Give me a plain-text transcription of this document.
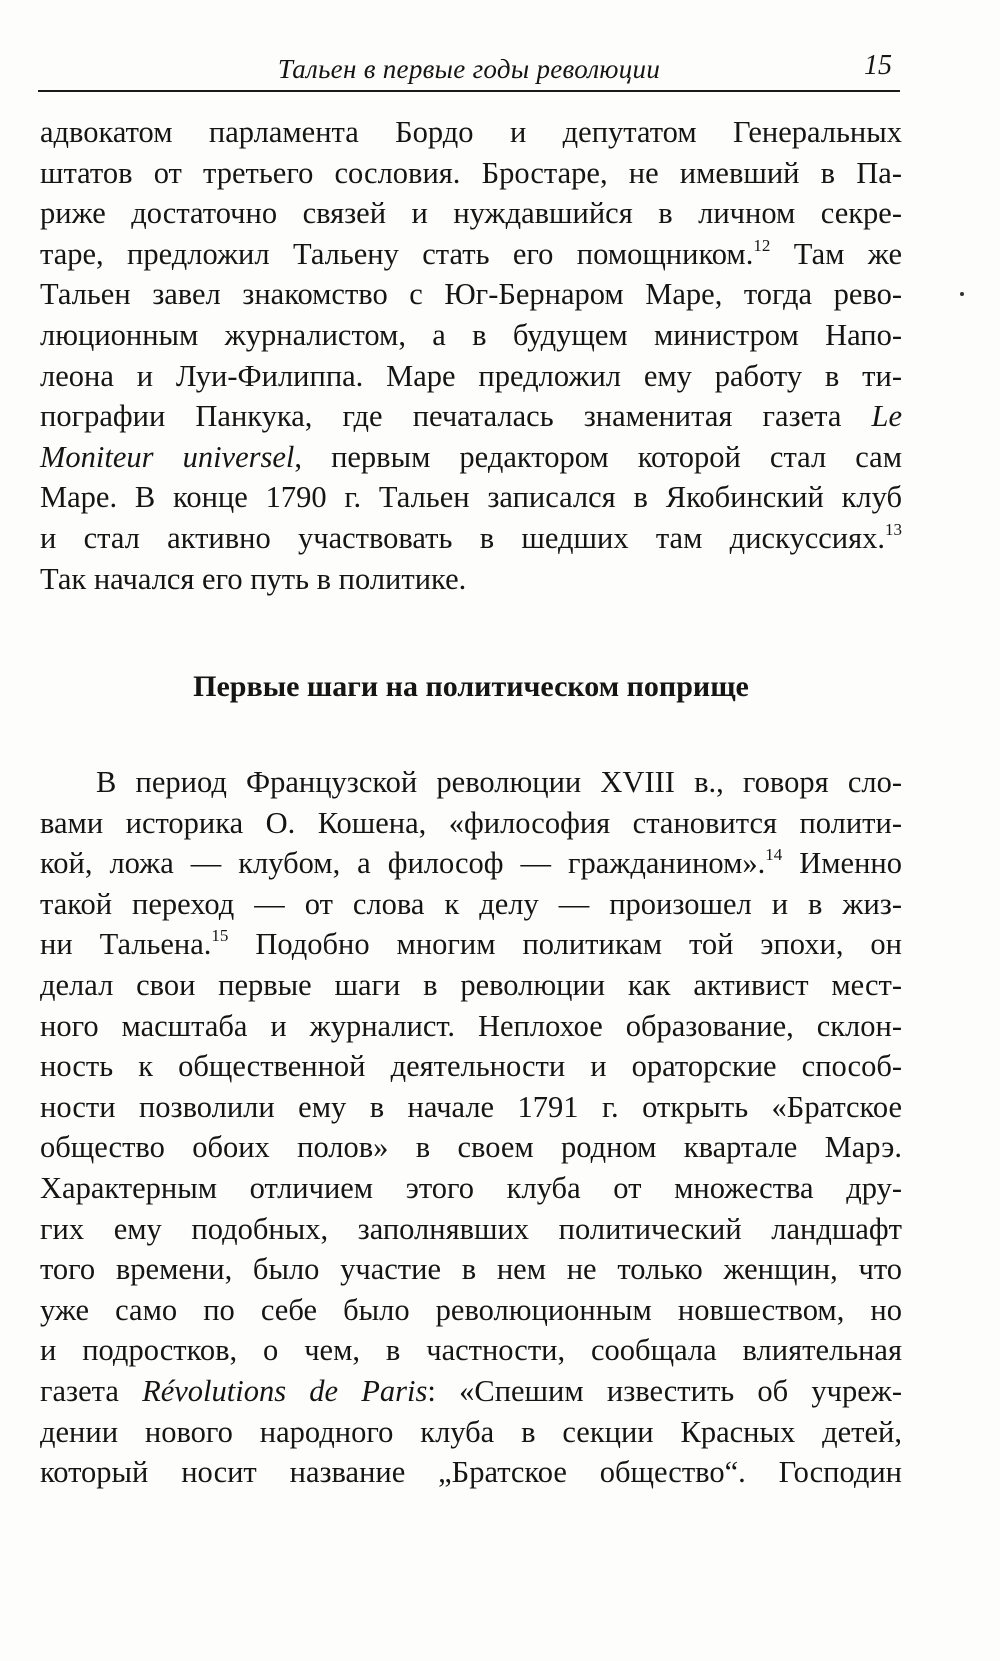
Тальен в первые годы революции	15
адвокатом парламента Бордо и депутатом Генеральных
штатов от третьего сословия. Бростаре, не имевший в Па-
риже достаточно связей и нуждавшийся в личном секре-
таре, предложил Тальену стать его помощником.$^{12}$ Там же
Тальен завел знакомство с Юг-Бернаром Маре, тогда рево-
люционным журналистом, а в будущем министром Напо-
леона и Луи-Филиппа. Маре предложил ему работу в ти-
пографии Панкука, где печаталась знаменитая газета Le
Moniteur universel, первым редактором которой стал сам
Маре. В конце 1790 г. Тальен записался в Якобинский клуб
и стал активно участвовать в шедших там дискуссиях.$^{13}$
Так начался его путь в политике.
Первые шаги на политическом поприще
В период Французской революции XVIII в., говоря сло-
вами историка О. Кошена, «философия становится полити-
кой, ложа — клубом, а философ — гражданином».$^{14}$ Именно
такой переход — от слова к делу — произошел и в жиз-
ни Тальена.$^{15}$ Подобно многим политикам той эпохи, он
делал свои первые шаги в революции как активист мест-
ного масштаба и журналист. Неплохое образование, склон-
ность к общественной деятельности и ораторские способ-
ности позволили ему в начале 1791 г. открыть «Братское
общество обоих полов» в своем родном квартале Марэ.
Характерным отличием этого клуба от множества дру-
гих ему подобных, заполнявших политический ландшафт
того времени, было участие в нем не только женщин, что
уже само по себе было революционным новшеством, но
и подростков, о чем, в частности, сообщала влиятельная
газета Révolutions de Paris: «Спешим известить об учреж-
дении нового народного клуба в секции Красных детей,
который носит название „Братское общество“. Господин
